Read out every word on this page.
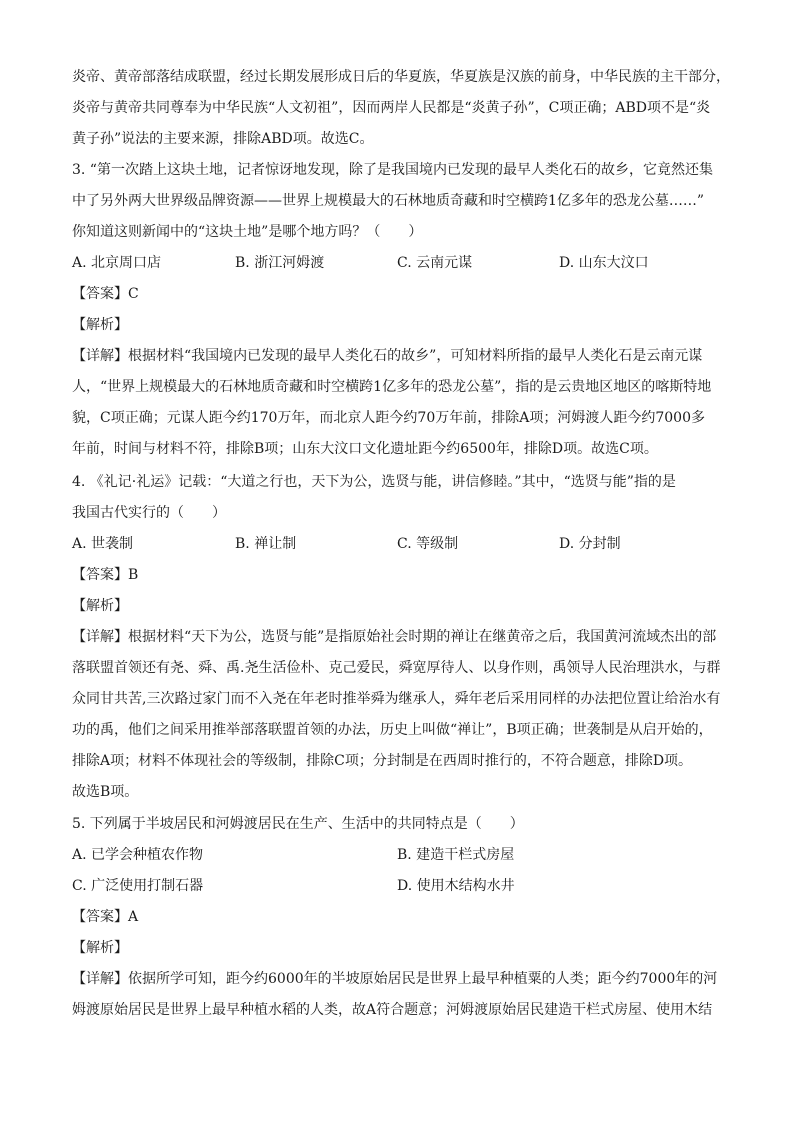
炎帝、黄帝部落结成联盟，经过长期发展形成日后的华夏族，华夏族是汉族的前身，中华民族的主干部分，

炎帝与黄帝共同尊奉为中华民族“人文初祖”，因而两岸人民都是“炎黄子孙”，C项正确；ABD项不是“炎

黄子孙”说法的主要来源，排除ABD项。故选C。

3. “第一次踏上这块土地，记者惊讶地发现，除了是我国境内已发现的最早人类化石的故乡，它竟然还集

中了另外两大世界级品牌资源——世界上规模最大的石林地质奇藏和时空横跨1亿多年的恐龙公墓……”

你知道这则新闻中的“这块土地”是哪个地方吗？（　　）

A. 北京周口店	B. 浙江河姆渡	C. 云南元谋	D. 山东大汶口

【答案】C

【解析】

【详解】根据材料“我国境内已发现的最早人类化石的故乡”，可知材料所指的最早人类化石是云南元谋

人，“世界上规模最大的石林地质奇藏和时空横跨1亿多年的恐龙公墓”，指的是云贵地区地区的喀斯特地

貌，C项正确；元谋人距今约170万年，而北京人距今约70万年前，排除A项；河姆渡人距今约7000多

年前，时间与材料不符，排除B项；山东大汶口文化遗址距今约6500年，排除D项。故选C项。

4. 《礼记·礼运》记载：“大道之行也，天下为公，选贤与能，讲信修睦。”其中，“选贤与能”指的是

我国古代实行的（　　）

A. 世袭制	B. 禅让制	C. 等级制	D. 分封制

【答案】B

【解析】

【详解】根据材料“天下为公，选贤与能”是指原始社会时期的禅让在继黄帝之后，我国黄河流域杰出的部

落联盟首领还有尧、舜、禹.尧生活俭朴、克己爱民，舜宽厚待人、以身作则，禹领导人民治理洪水，与群

众同甘共苦,三次路过家门而不入尧在年老时推举舜为继承人，舜年老后采用同样的办法把位置让给治水有

功的禹，他们之间采用推举部落联盟首领的办法，历史上叫做“禅让”，B项正确；世袭制是从启开始的，

排除A项；材料不体现社会的等级制，排除C项；分封制是在西周时推行的，不符合题意，排除D项。

故选B项。

5. 下列属于半坡居民和河姆渡居民在生产、生活中的共同特点是（　　）

A. 已学会种植农作物	B. 建造干栏式房屋
C. 广泛使用打制石器	D. 使用木结构水井

【答案】A

【解析】

【详解】依据所学可知，距今约6000年的半坡原始居民是世界上最早种植粟的人类；距今约7000年的河

姆渡原始居民是世界上最早种植水稻的人类，故A符合题意；河姆渡原始居民建造干栏式房屋、使用木结
